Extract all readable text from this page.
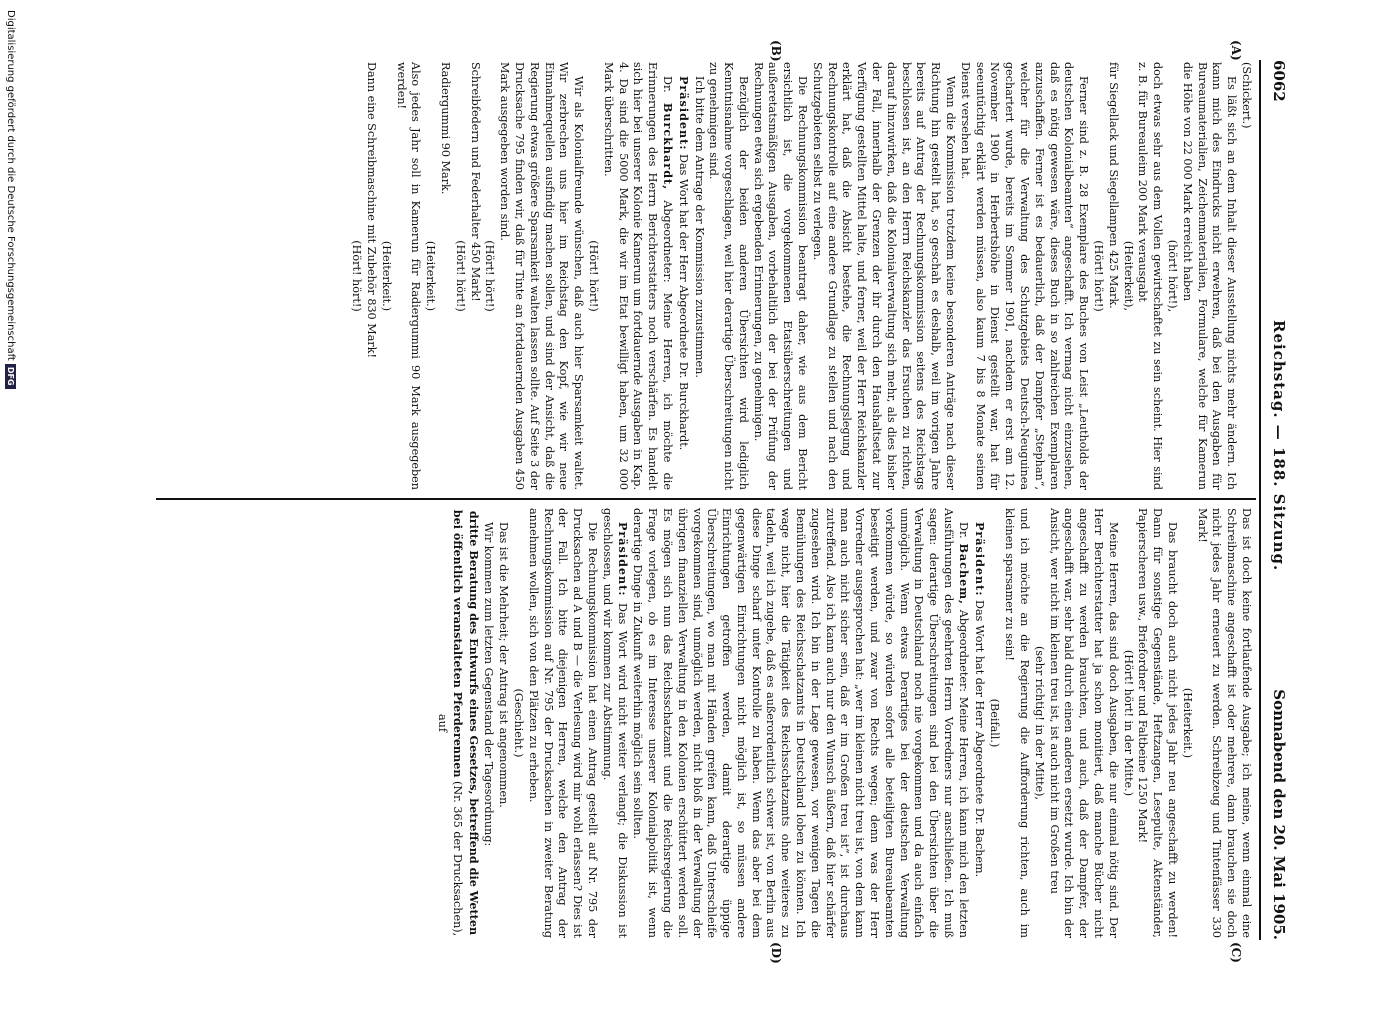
6062
Reichstag. — 188. Sitzung.
Sonnabend den 20. Mai 1905.
(A)
(B)
(C)
(D)

(Schickert.)

Es läßt sich an dem Inhalt dieser Ausstellung nichts mehr ändern. Ich kann mich des Eindrucks nicht erwehren, daß bei den Ausgaben für Bureaumaterialien, Zeichenmaterialien, Formulare, welche für Kamerun die Höhe von 22 000 Mark erreicht haben

(hört! hört!),

doch etwas sehr aus dem Vollen gewirtschaftet zu sein scheint. Hier sind z. B. für Bureauleim 200 Mark verausgabt

(Heiterkeit),

für Siegellack und Siegellampen 425 Mark.

(Hört! hört!)

Ferner sind z. B. 28 Exemplare des Buches von Leist „Leutholds der deutschen Kolonialbeamten“ angeschafft. Ich vermag nicht einzusehen, daß es nötig gewesen wäre, dieses Buch in so zahlreichen Exemplaren anzuschaffen. Ferner ist es bedauerlich, daß der Dampfer „Stephan“, welcher für die Verwaltung des Schutzgebiets Deutsch-Neuguinea gechartert wurde, bereits im Sommer 1901, nachdem er erst am 12. November 1900 in Herbertshöhe in Dienst gestellt war, hat für seeuntüchtig erklärt werden müssen, also kaum 7 bis 8 Monate seinen Dienst versehen hat.

Wenn die Kommission trotzdem keine besonderen Anträge nach dieser Richtung hin gestellt hat, so geschah es deshalb, weil im vorigen Jahre bereits auf Antrag der Rechnungskommission seitens des Reichstags beschlossen ist, an den Herrn Reichskanzler das Ersuchen zu richten, darauf hinzuwirken, daß die Kolonialverwaltung sich mehr, als dies bisher der Fall, innerhalb der Grenzen der ihr durch den Haushaltsetat zur Verfügung gestellten Mittel halte, und ferner, weil der Herr Reichskanzler erklärt hat, daß die Absicht bestehe, die Rechnungslegung und Rechnungskontrolle auf eine andere Grundlage zu stellen und nach den Schutzgebieten selbst zu verlegen.

Die Rechnungskommission beantragt daher, wie aus dem Bericht ersichtlich ist, die vorgekommenen Etatsüberschreitungen und außeretatsmäßigen Ausgaben, vorbehaltlich der bei der Prüfung der Rechnungen etwa sich ergebenden Erinnerungen, zu genehmigen.

Bezüglich der beiden anderen Übersichten wird lediglich Kenntnisnahme vorgeschlagen, weil hier derartige Überschreitungen nicht zu genehmigen sind.

Ich bitte dem Antrage der Kommission zuzustimmen.

Präsident: Das Wort hat der Herr Abgeordnete Dr. Burckhardt.

Dr. Burckhardt, Abgeordneter: Meine Herren, ich möchte die Erinnerungen des Herrn Berichterstatters noch verschärfen. Es handelt sich hier bei unserer Kolonie Kamerun um fortdauernde Ausgaben in Kap. 4. Da sind die 5000 Mark, die wir im Etat bewilligt haben, um 32 000 Mark überschritten.

(Hört! hört!)

Wir als Kolonialfreunde wünschen, daß auch hier Sparsamkeit waltet. Wir zerbrechen uns hier im Reichstag den Kopf, wie wir neue Einnahmequellen ausfindig machen sollen, und sind der Ansicht, daß die Regierung etwas größere Sparsamkeit walten lassen sollte. Auf Seite 3 der Drucksache 795 finden wir, daß für Tinte an fortdauernden Ausgaben 450 Mark ausgegeben worden sind.

(Hört! hört!)

Schreibfedern und Federhalter 450 Mark!

(Hört! hört!)

Radiergummi 90 Mark.

(Heiterkeit.)

Also jedes Jahr soll in Kamerun für Radiergummi 90 Mark ausgegeben werden!

(Heiterkeit.)

Dann eine Schreibmaschine mit Zubehör 830 Mark!

(Hört! hört!)

Das ist doch keine fortlaufende Ausgabe; ich meine, wenn einmal eine Schreibmaschine angeschafft ist oder mehrere, dann brauchen sie doch nicht jedes Jahr erneuert zu werden. Schreibzeug und Tintenfässer 330 Mark!

(Heiterkeit.)

Das braucht doch auch nicht jedes Jahr neu angeschafft zu werden! Dann für sonstige Gegenstände, Heftzangen, Lesepulte, Aktenständer, Papierscheren usw., Briefordner und Faltbeine 1250 Mark!

(Hört! hört! in der Mitte.)

Meine Herren, das sind doch Ausgaben, die nur einmal nötig sind. Der Herr Berichterstatter hat ja schon monitiert, daß manche Bücher nicht angeschafft zu werden brauchten, und auch, daß der Dampfer, der angeschafft war, sehr bald durch einen anderen ersetzt wurde. Ich bin der Ansicht, wer nicht im kleinen treu ist, ist auch nicht im Großen treu

(sehr richtig! in der Mitte),

und ich möchte an die Regierung die Aufforderung richten, auch im kleinen sparsamer zu sein!

(Beifall.)

Präsident: Das Wort hat der Herr Abgeordnete Dr. Bachem.

Dr. Bachem, Abgeordneter: Meine Herren, ich kann mich den letzten Ausführungen des geehrten Herrn Vorredners nur anschließen. Ich muß sagen: derartige Überschreitungen sind bei den Übersichten über die Verwaltung in Deutschland noch nie vorgekommen und da auch einfach unmöglich. Wenn etwas Derartiges bei der deutschen Verwaltung vorkommen würde, so würden sofort alle beteiligten Bureaubeamten beseitigt werden, und zwar von Rechts wegen; denn was der Herr Vorredner ausgesprochen hat: „wer im kleinen nicht treu ist, von dem kann man auch nicht sicher sein, daß er im Großen treu ist“, ist durchaus zutreffend. Also ich kann auch nur den Wunsch äußern, daß hier schärfer zugesehen wird. Ich bin in der Lage gewesen, vor wenigen Tagen die Bemühungen des Reichsschatzamts in Deutschland loben zu können. Ich wage nicht, hier die Tätigkeit des Reichsschatzamts ohne weiteres zu tadeln, weil ich zugebe, daß es außerordentlich schwer ist, von Berlin aus diese Dinge scharf unter Kontrolle zu haben. Wenn das aber bei dem gegenwärtigen Einrichtungen nicht möglich ist, so müssen andere Einrichtungen getroffen werden, damit derartige üppige Überschreitungen, wo man mit Händen greifen kann, daß Unterschleife vorgekommen sind, unmöglich werden, nicht bloß in der Verwaltung der übrigen finanziellen Verwaltung in den Kolonien erschüttert werden soll. Es mögen sich nun das Reichsschatzamt und die Reichsregierung die Frage vorlegen, ob es im Interesse unserer Kolonialpolitik ist, wenn derartige Dinge in Zukunft weiterhin möglich sein sollten.

Präsident: Das Wort wird nicht weiter verlangt; die Diskussion ist geschlossen, und wir kommen zur Abstimmung.

Die Rechnungskommission hat einen Antrag gestellt auf Nr. 795 der Drucksachen ad A und B — die Verlesung wird mir wohl erlassen? Dies ist der Fall. Ich bitte diejenigen Herren, welche den Antrag der Rechnungskommission auf Nr. 795 der Drucksachen in zweiter Beratung annehmen wollen, sich von den Plätzen zu erheben.

(Geschieht.)

Das ist die Mehrheit; der Antrag ist angenommen.

Wir kommen zum letzten Gegenstand der Tagesordnung:

dritte Beratung des Entwurfs eines Gesetzes, betreffend die Wetten bei öffentlich veranstalteten Pferderennen (Nr. 365 der Drucksachen), auf

Digitalisierung gefördert durch die Deutsche ForschungsgemeinschaftDFG
